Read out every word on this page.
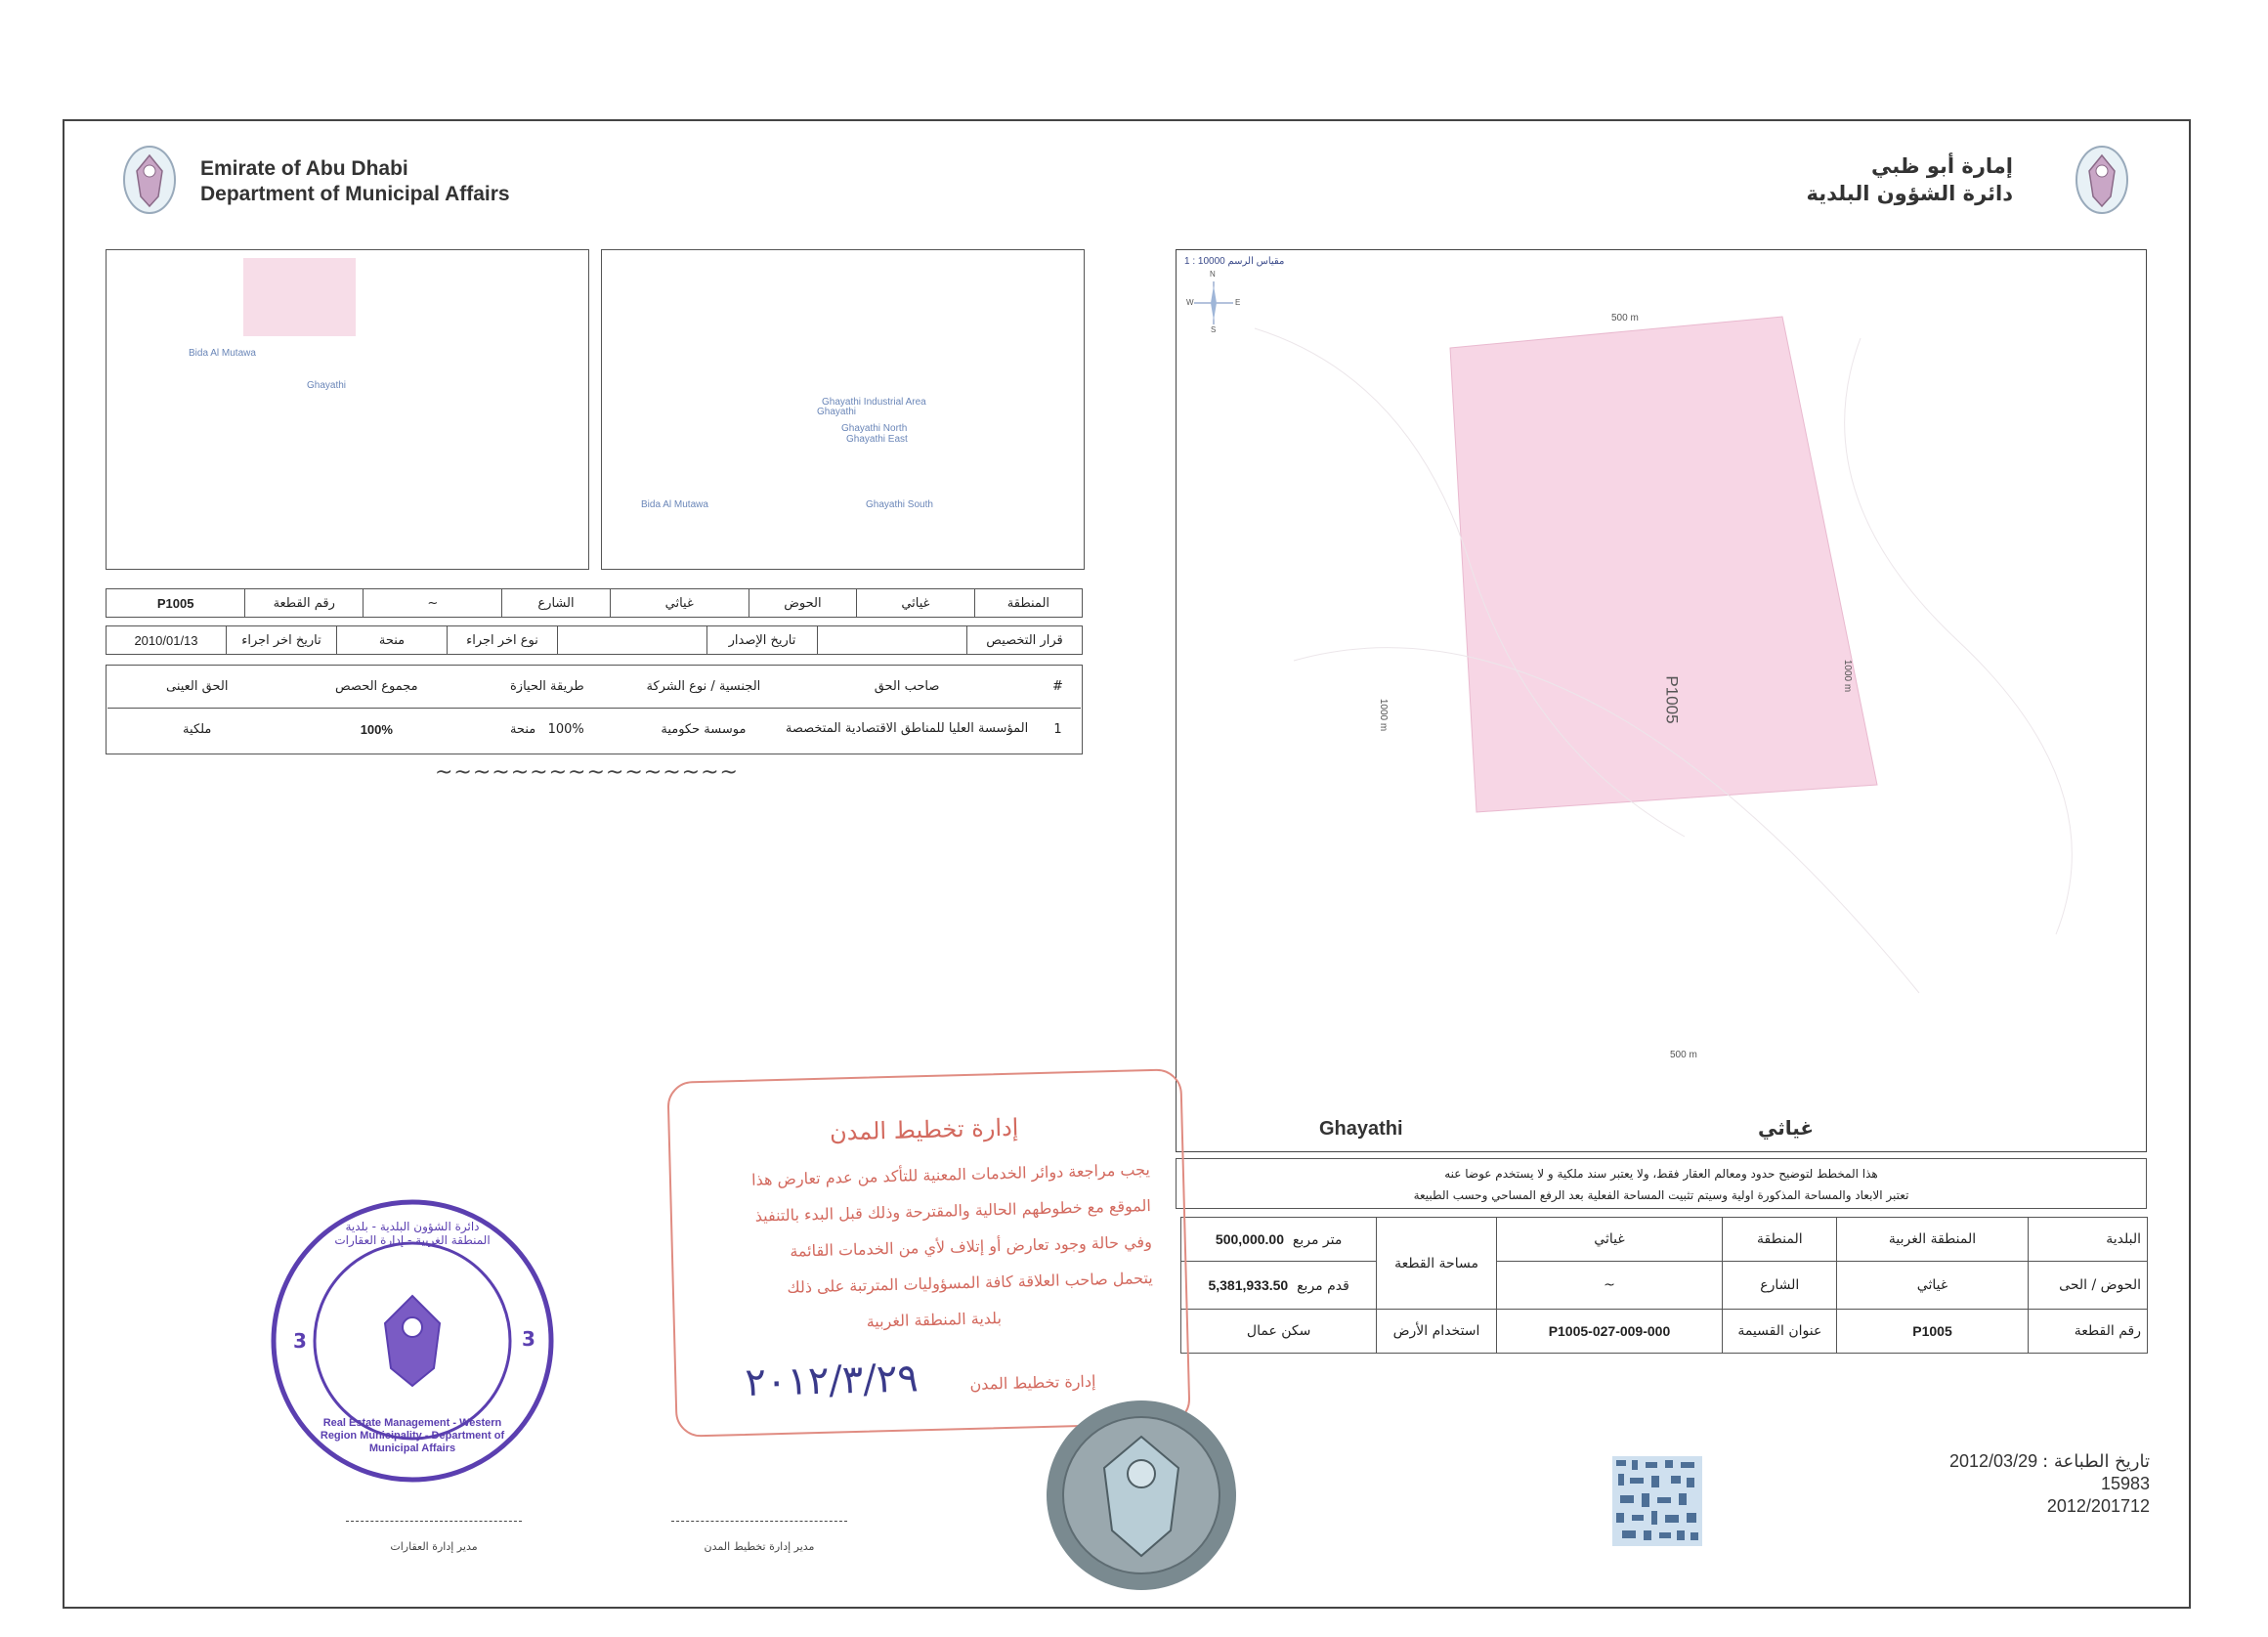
Emirate of Abu Dhabi
Department of Municipal Affairs
إمارة أبو ظبي
دائرة الشؤون البلدية
Bida Al Mutawa
Ghayathi
Ghayathi Industrial Area
Ghayathi
Ghayathi North
Ghayathi East
Bida Al Mutawa	Ghayathi South
المنطقة	غياثي	الحوض	غياثي	الشارع	~	رقم القطعة	P1005
قرار التخصيص		تاريخ الإصدار		نوع اخر اجراء	منحة	تاريخ اخر اجراء	2010/01/13
#	صاحب الحق	الجنسية / نوع الشركة	طريقة الحيازة	مجموع الحصص	الحق العينى
1	المؤسسة العليا للمناطق الاقتصادية المتخصصة	موسسة حكومية	100%   منحة	100%	ملكية
~~~~~~~~~~~~~~~~
مقياس الرسم 10000 : 1
N
S
W	E
500 m
500 m
1000 m
1000 m
P1005
Ghayathi	غياثي
هذا المخطط لتوضيح حدود ومعالم العقار فقط، ولا يعتبر سند ملكية و لا يستخدم عوضا عنه
تعتبر الابعاد والمساحة المذكورة اولية وسيتم تثبيت المساحة الفعلية بعد الرفع المساحي وحسب الطبيعة
البلدية	المنطقة الغربية	المنطقة	غياثي	مساحة القطعة	متر مربع  500,000.00
الحوض / الحى	غياثي	الشارع	~		قدم مربع  5,381,933.50
رقم القطعة	P1005	عنوان القسيمة	027-009-000-P1005	استخدام الأرض	سكن عمال
تاريخ الطباعة : 2012/03/29
15983
2012/201712
إدارة تخطيط المدن
يجب مراجعة دوائر الخدمات المعنية للتأكد من عدم تعارض هذا
الموقع مع خطوطهم الحالية والمقترحة وذلك قبل البدء بالتنفيذ
وفي حالة وجود تعارض أو إتلاف لأي من الخدمات القائمة
يتحمل صاحب العلاقة كافة المسؤوليات المترتبة على ذلك
بلدية المنطقة الغربية
إدارة تخطيط المدن
٢٠١٢/٣/٢٩
دائرة الشؤون البلدية - بلدية المنطقة الغربية - إدارة العقارات
Real Estate Management - Western Region Municipality - Department of Municipal Affairs
3	3
مدير إدارة العقارات	مدير إدارة تخطيط المدن
